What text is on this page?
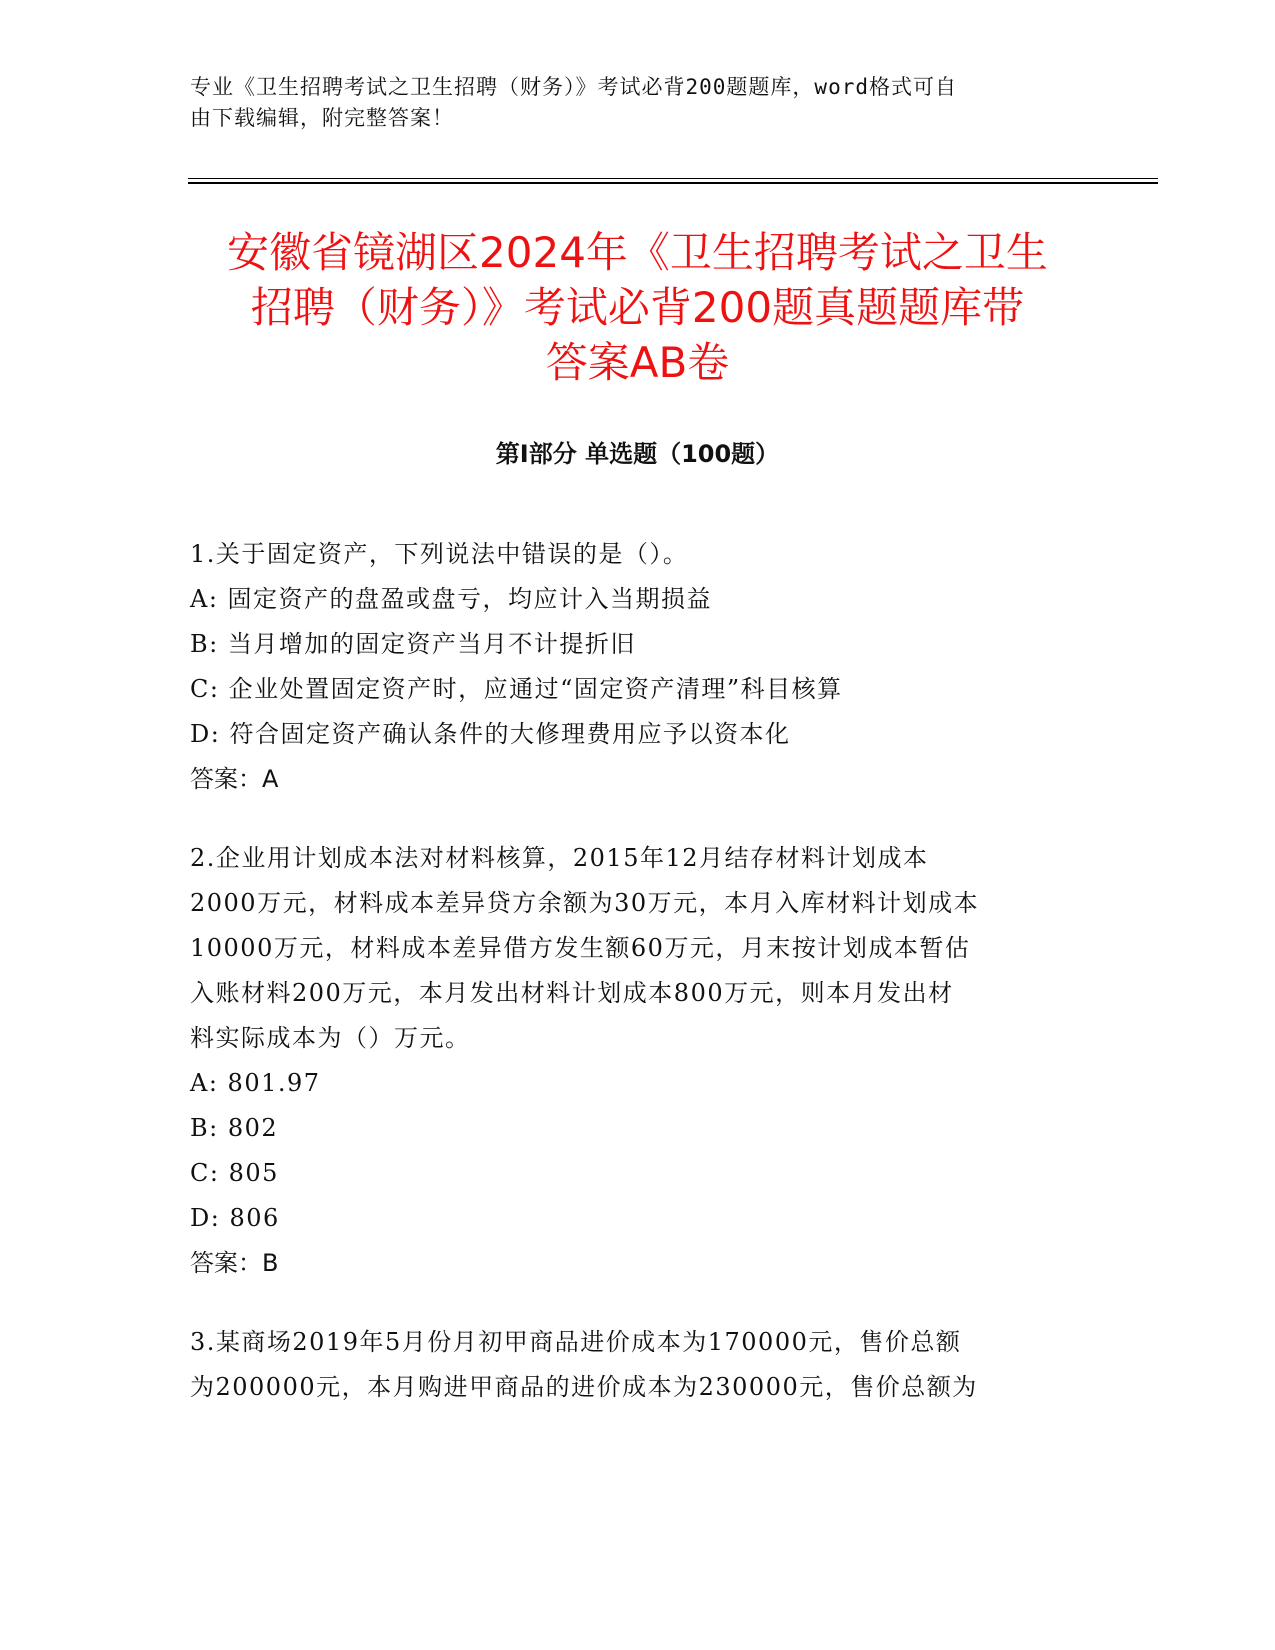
专业《卫生招聘考试之卫生招聘（财务）》考试必背200题题库，word格式可自
由下载编辑，附完整答案！
安徽省镜湖区2024年《卫生招聘考试之卫生
招聘（财务）》考试必背200题真题题库带
答案AB卷
第Ⅰ部分 单选题（100题）
1.关于固定资产，下列说法中错误的是（）。
A: 固定资产的盘盈或盘亏，均应计入当期损益
B: 当月增加的固定资产当月不计提折旧
C: 企业处置固定资产时，应通过“固定资产清理”科目核算
D: 符合固定资产确认条件的大修理费用应予以资本化
答案：A
2.企业用计划成本法对材料核算，2015年12月结存材料计划成本
2000万元，材料成本差异贷方余额为30万元，本月入库材料计划成本
10000万元，材料成本差异借方发生额60万元，月末按计划成本暂估
入账材料200万元，本月发出材料计划成本800万元，则本月发出材
料实际成本为（）万元。
A: 801.97
B: 802
C: 805
D: 806
答案：B
3.某商场2019年5月份月初甲商品进价成本为170000元，售价总额
为200000元，本月购进甲商品的进价成本为230000元，售价总额为
